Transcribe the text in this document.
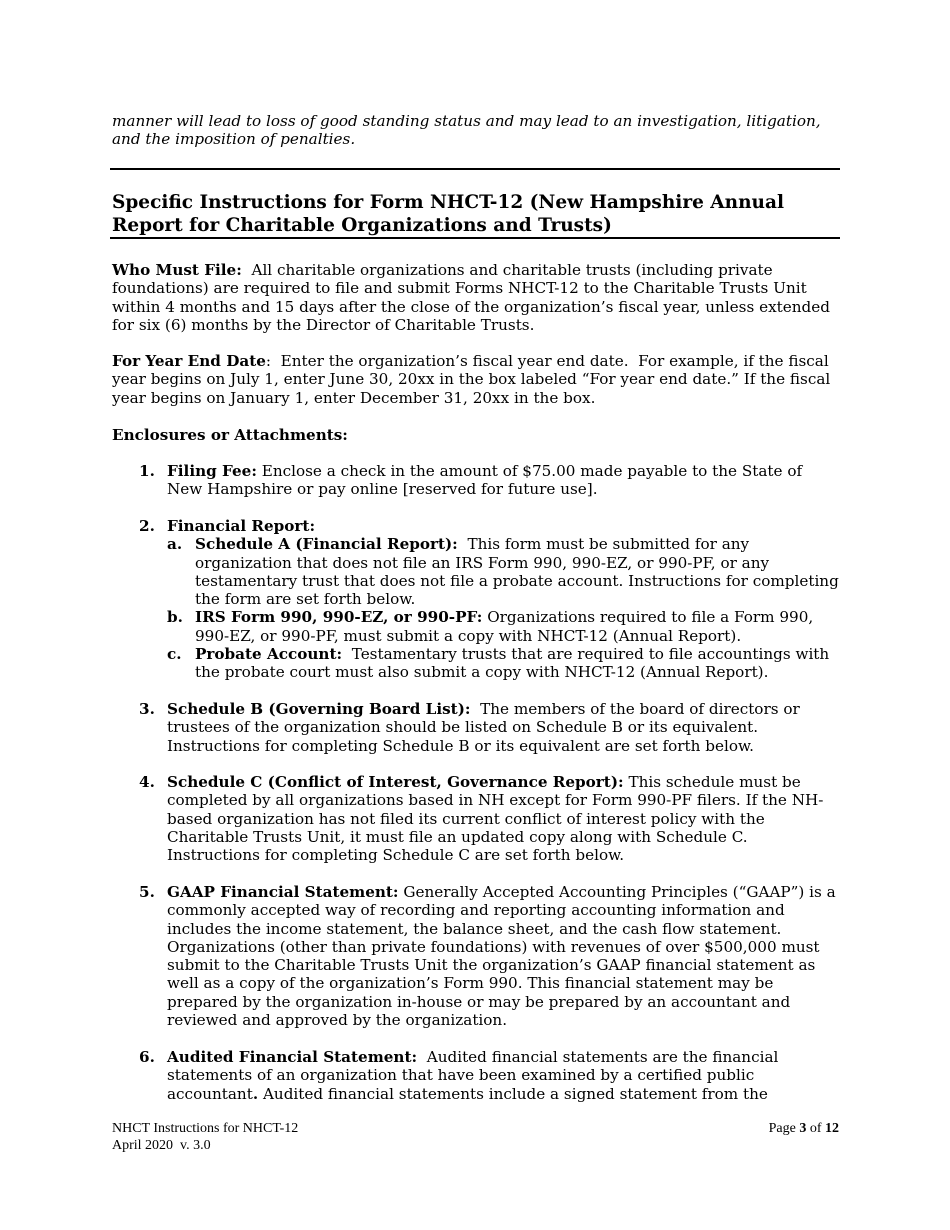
manner will lead to loss of good standing status and may lead to an investigation, litigation, and the imposition of penalties.

Specific Instructions for Form NHCT-12 (New Hampshire Annual Report for Charitable Organizations and Trusts)

Who Must File:  All charitable organizations and charitable trusts (including private foundations) are required to file and submit Forms NHCT-12 to the Charitable Trusts Unit within 4 months and 15 days after the close of the organization’s fiscal year, unless extended for six (6) months by the Director of Charitable Trusts.

For Year End Date:  Enter the organization’s fiscal year end date.  For example, if the fiscal year begins on July 1, enter June 30, 20xx in the box labeled “For year end date.” If the fiscal year begins on January 1, enter December 31, 20xx in the box.

Enclosures or Attachments:

1. Filing Fee: Enclose a check in the amount of $75.00 made payable to the State of New Hampshire or pay online [reserved for future use].
2. Financial Report:
a. Schedule A (Financial Report):  This form must be submitted for any organization that does not file an IRS Form 990, 990-EZ, or 990-PF, or any testamentary trust that does not file a probate account. Instructions for completing the form are set forth below.
b. IRS Form 990, 990-EZ, or 990-PF: Organizations required to file a Form 990, 990-EZ, or 990-PF, must submit a copy with NHCT-12 (Annual Report).
c. Probate Account:  Testamentary trusts that are required to file accountings with the probate court must also submit a copy with NHCT-12 (Annual Report).
3. Schedule B (Governing Board List):  The members of the board of directors or trustees of the organization should be listed on Schedule B or its equivalent. Instructions for completing Schedule B or its equivalent are set forth below.
4. Schedule C (Conflict of Interest, Governance Report): This schedule must be completed by all organizations based in NH except for Form 990-PF filers. If the NH-based organization has not filed its current conflict of interest policy with the Charitable Trusts Unit, it must file an updated copy along with Schedule C. Instructions for completing Schedule C are set forth below.
5. GAAP Financial Statement: Generally Accepted Accounting Principles (“GAAP”) is a commonly accepted way of recording and reporting accounting information and includes the income statement, the balance sheet, and the cash flow statement. Organizations (other than private foundations) with revenues of over $500,000 must submit to the Charitable Trusts Unit the organization’s GAAP financial statement as well as a copy of the organization’s Form 990. This financial statement may be prepared by the organization in-house or may be prepared by an accountant and reviewed and approved by the organization.
6. Audited Financial Statement:  Audited financial statements are the financial statements of an organization that have been examined by a certified public accountant. Audited financial statements include a signed statement from the
NHCT Instructions for NHCT-12
April 2020  v. 3.0
Page 3 of 12
